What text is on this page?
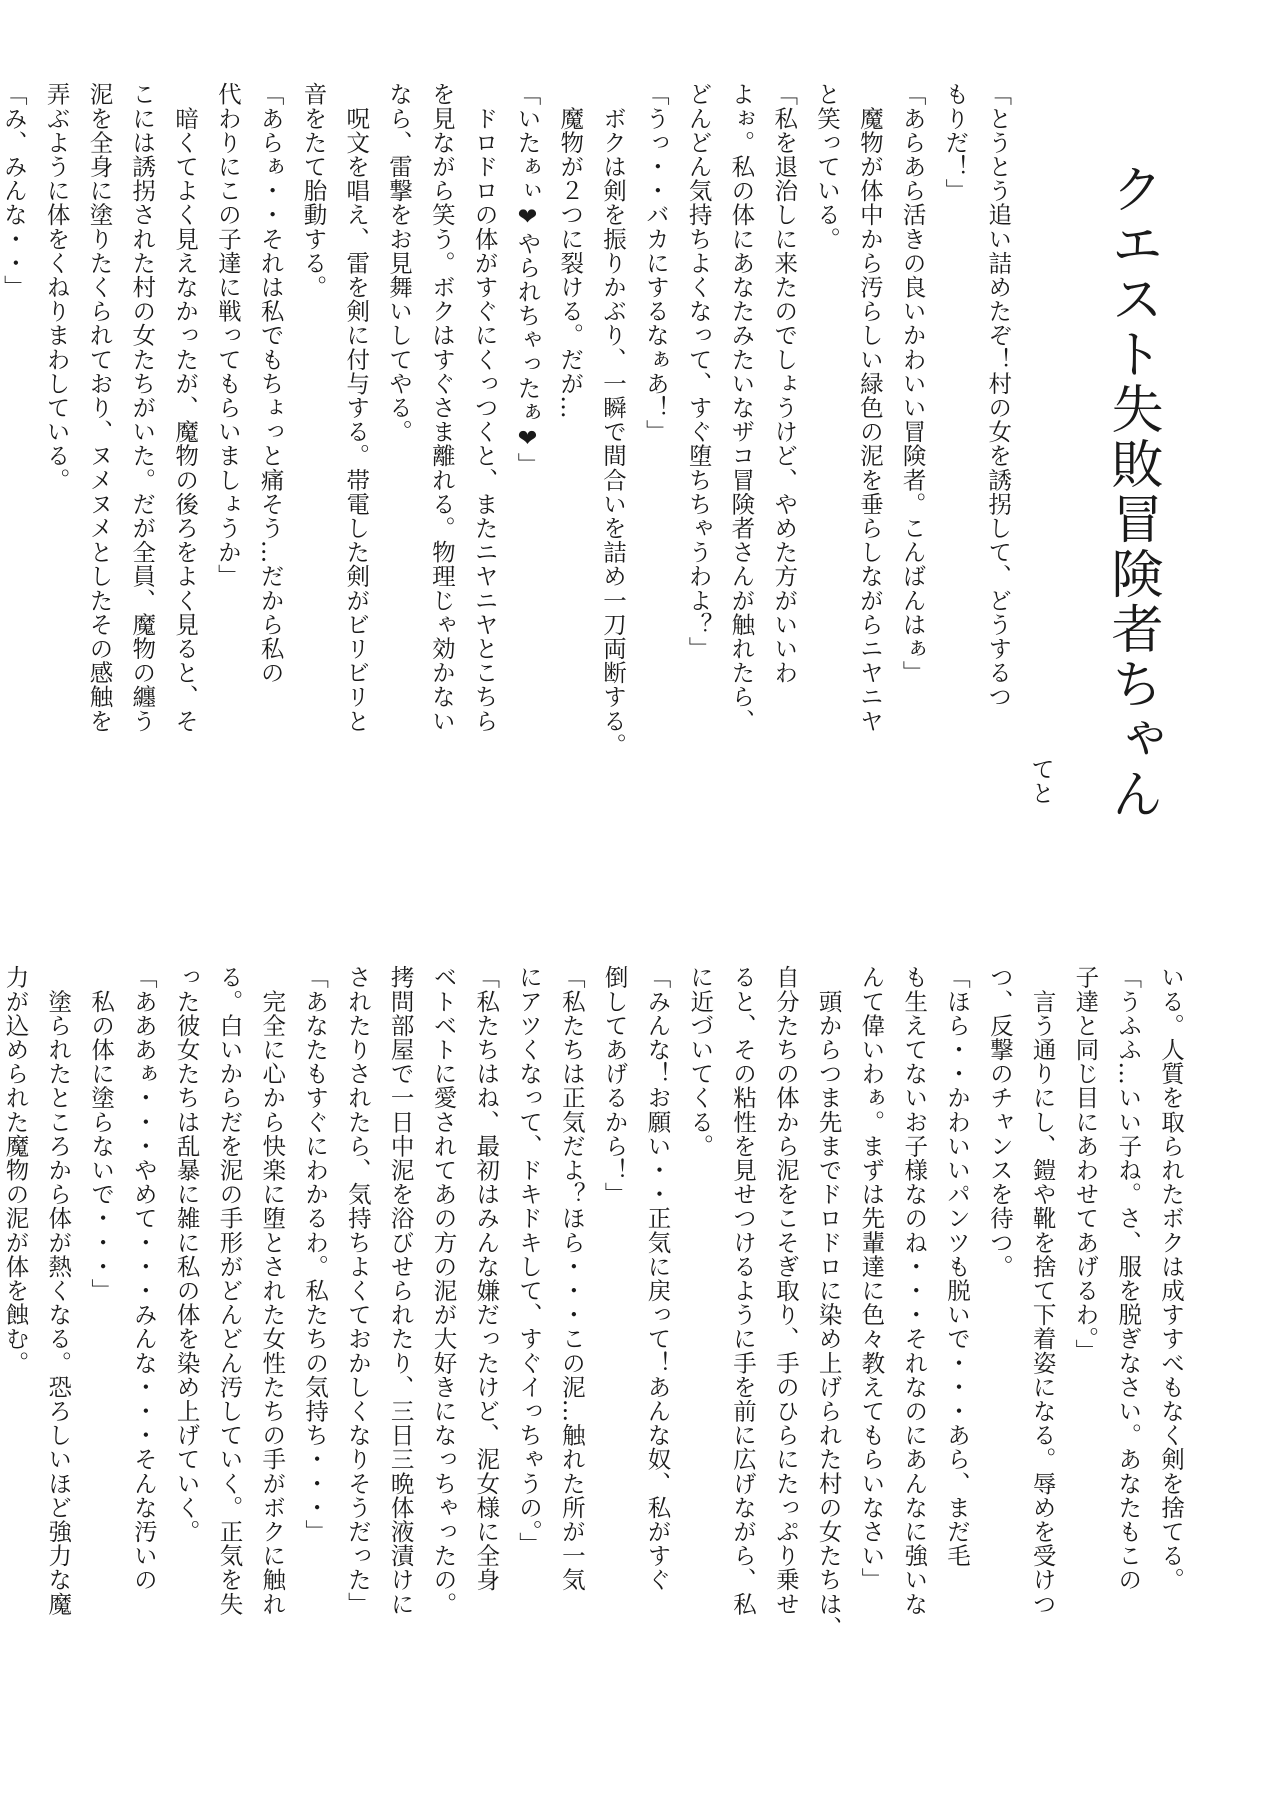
クエスト失敗冒険者ちゃん

　　　　　　　　　　　　　　　　　　　　　　　　　　　　てと

「とうとう追い詰めたぞ！村の女を誘拐して、どうするつ

もりだ！」

「あらあら活きの良いかわいい冒険者。こんばんはぁ」

　魔物が体中から汚らしい緑色の泥を垂らしながらニヤニヤ

と笑っている。

「私を退治しに来たのでしょうけど、やめた方がいいわ

よぉ。私の体にあなたみたいなザコ冒険者さんが触れたら、

どんどん気持ちよくなって、すぐ堕ちちゃうわよ？」

「うっ・・バカにするなぁあ！」

　ボクは剣を振りかぶり、一瞬で間合いを詰め一刀両断する。

　魔物が２つに裂ける。だが…

「いたぁぃ❤やられちゃったぁ❤」

　ドロドロの体がすぐにくっつくと、またニヤニヤとこちら

を見ながら笑う。ボクはすぐさま離れる。物理じゃ効かない

なら、雷撃をお見舞いしてやる。

　呪文を唱え、雷を剣に付与する。帯電した剣がビリビリと

音をたて胎動する。

「あらぁ・・それは私でもちょっと痛そう…だから私の

代わりにこの子達に戦ってもらいましょうか」

　暗くてよく見えなかったが、魔物の後ろをよく見ると、そ

こには誘拐された村の女たちがいた。だが全員、魔物の纏う

泥を全身に塗りたくられており、ヌメヌメとしたその感触を

弄ぶように体をくねりまわしている。

「み、みんな・・」

いる。人質を取られたボクは成すすべもなく剣を捨てる。

「うふふ…いい子ね。さ、服を脱ぎなさい。あなたもこの

子達と同じ目にあわせてあげるわ。」

　言う通りにし、鎧や靴を捨て下着姿になる。辱めを受けつ

つ、反撃のチャンスを待つ。

「ほら・・かわいいパンツも脱いで・・・あら、まだ毛

も生えてないお子様なのね・・・それなのにあんなに強いな

んて偉いわぁ。まずは先輩達に色々教えてもらいなさい」

　頭からつま先までドロドロに染め上げられた村の女たちは、

自分たちの体から泥をこそぎ取り、手のひらにたっぷり乗せ

ると、その粘性を見せつけるように手を前に広げながら、私

に近づいてくる。

「みんな！お願い・・正気に戻って！あんな奴、私がすぐ

倒してあげるから！」

「私たちは正気だよ？ほら・・・この泥…触れた所が一気

にアツくなって、ドキドキして、すぐイっちゃうの。」

「私たちはね、最初はみんな嫌だったけど、泥女様に全身

ベトベトに愛されてあの方の泥が大好きになっちゃったの。

拷問部屋で一日中泥を浴びせられたり、三日三晩体液漬けに

されたりされたら、気持ちよくておかしくなりそうだった」

「あなたもすぐにわかるわ。私たちの気持ち・・・」

　完全に心から快楽に堕とされた女性たちの手がボクに触れ

る。白いからだを泥の手形がどんどん汚していく。正気を失

った彼女たちは乱暴に雑に私の体を染め上げていく。

「あああぁ・・・やめて・・・みんな・・・そんな汚いの

　私の体に塗らないで・・・」

　塗られたところから体が熱くなる。恐ろしいほど強力な魔

力が込められた魔物の泥が体を蝕む。
